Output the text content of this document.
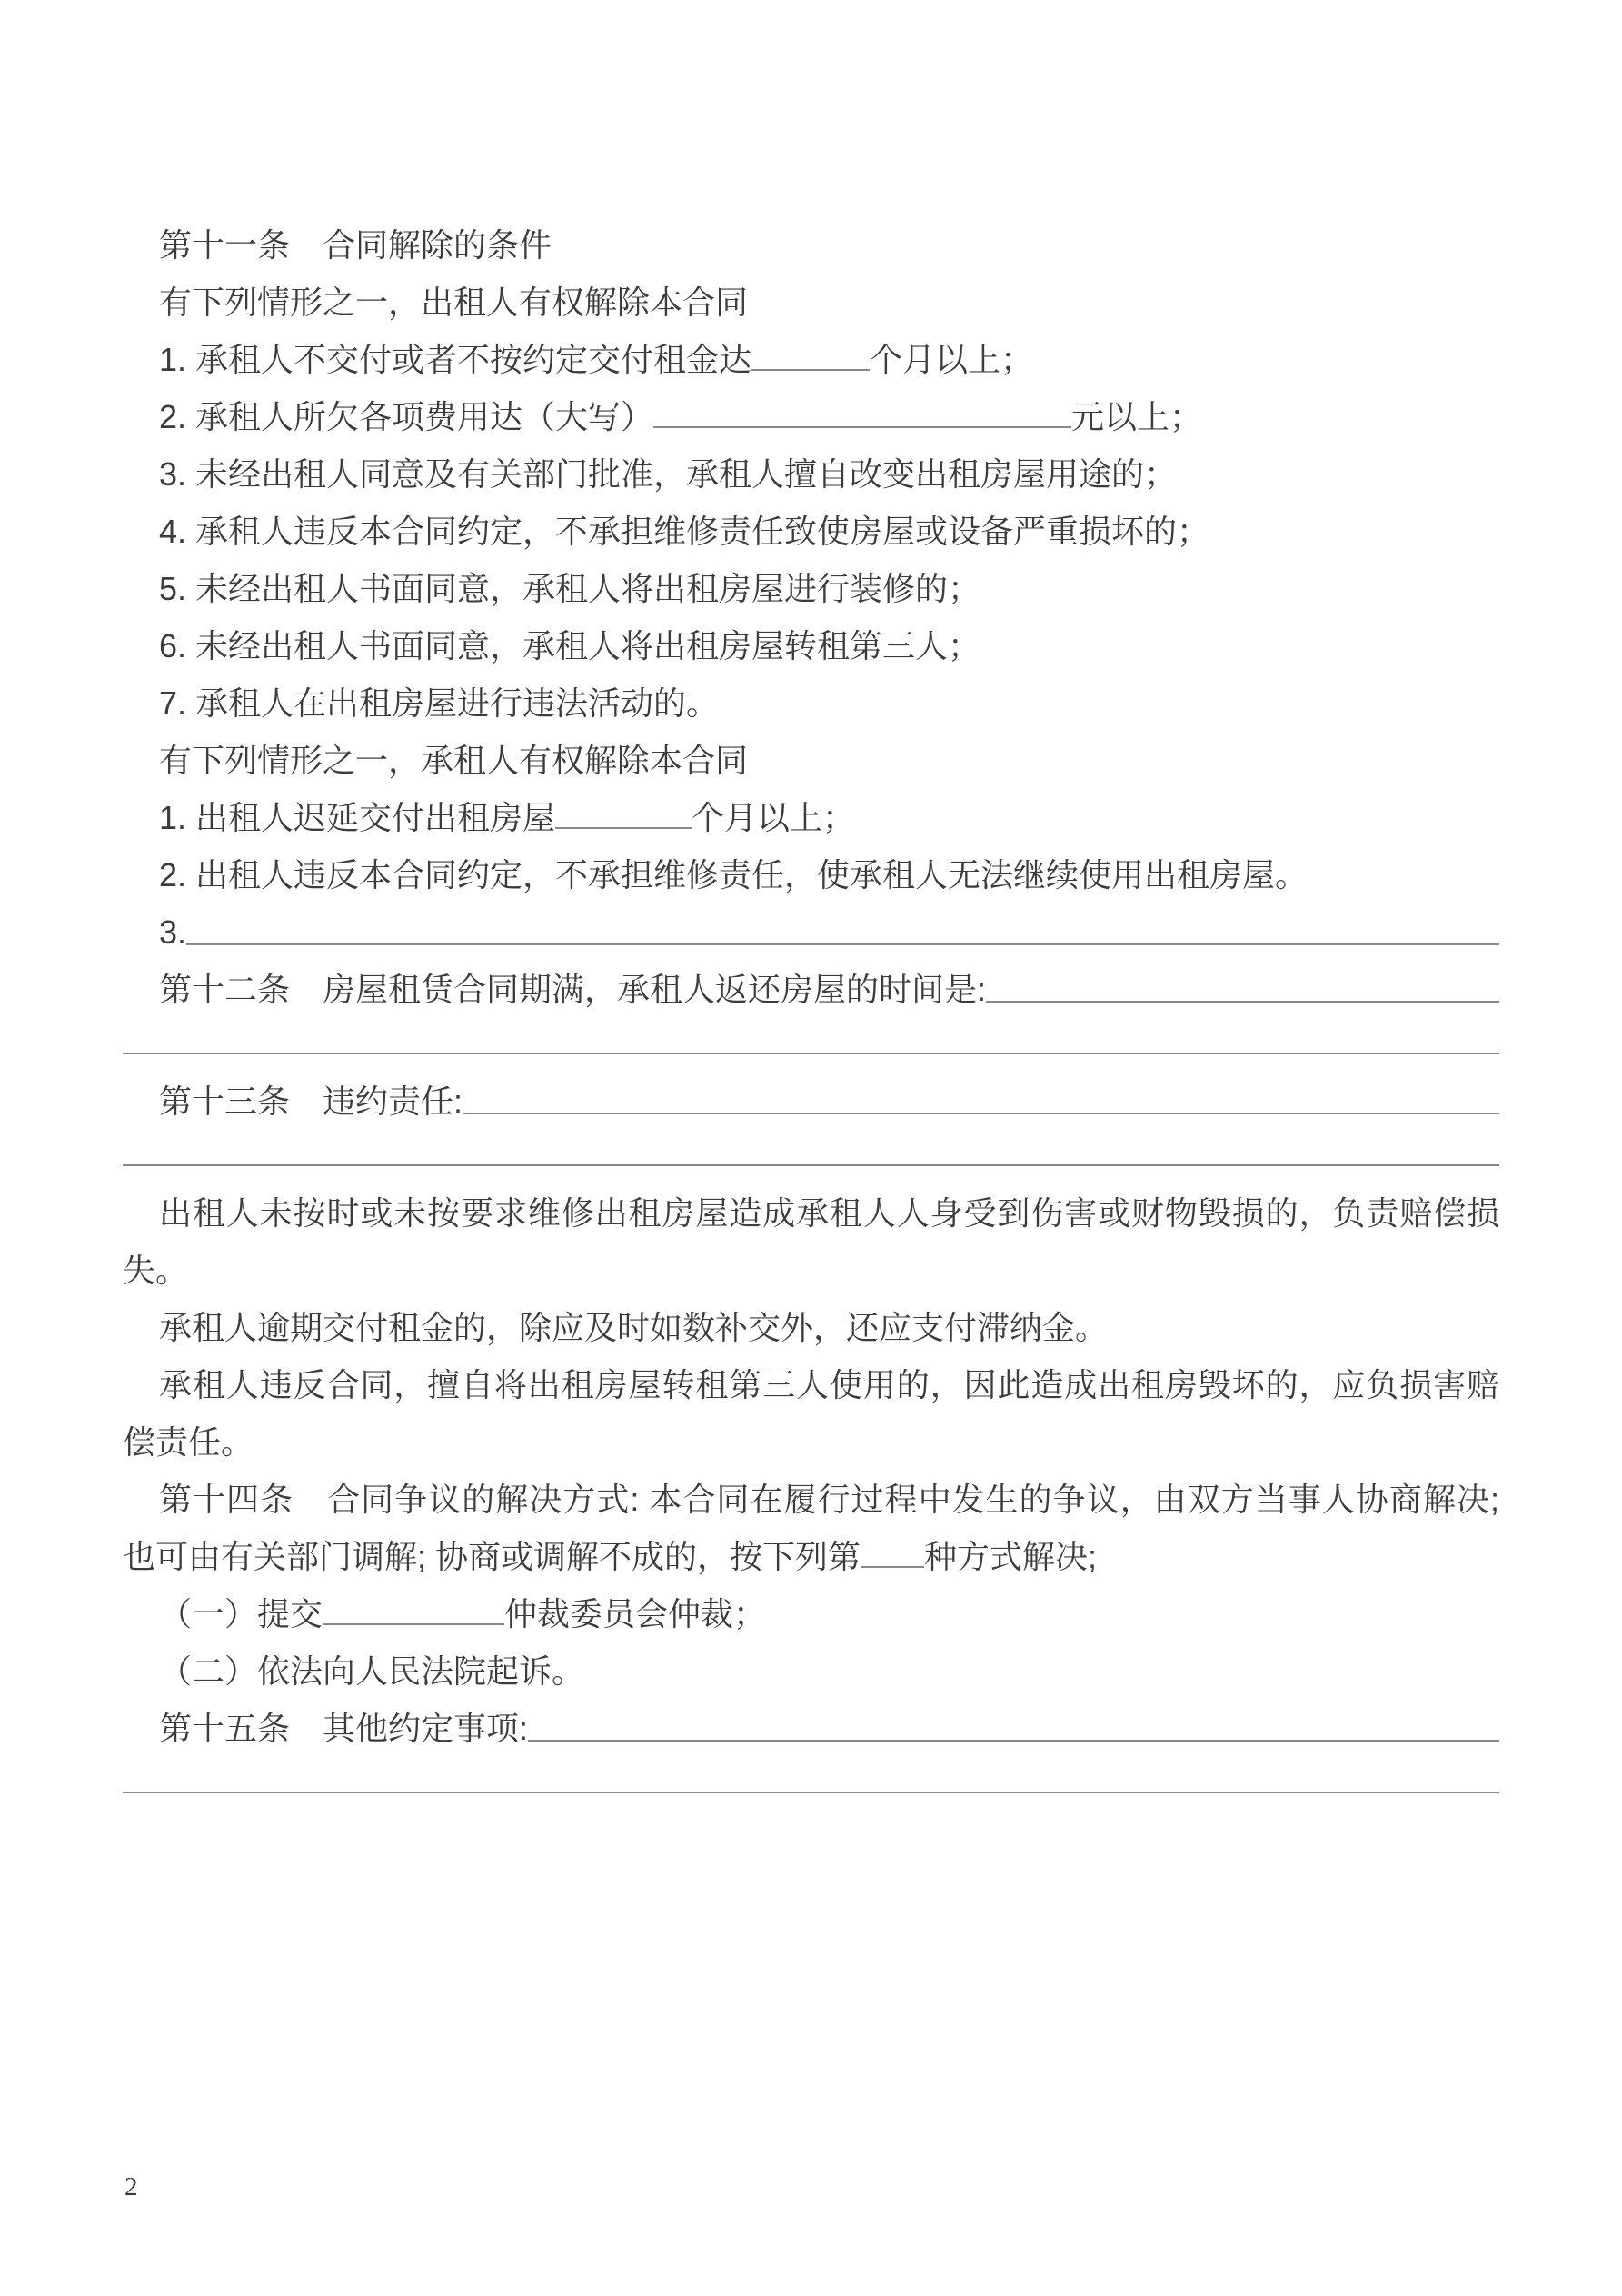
第十一条　合同解除的条件
有下列情形之一，出租人有权解除本合同
1. 承租人不交付或者不按约定交付租金达	个月以上；
2. 承租人所欠各项费用达（大写）	元以上；
3. 未经出租人同意及有关部门批准，承租人擅自改变出租房屋用途的；
4. 承租人违反本合同约定，不承担维修责任致使房屋或设备严重损坏的；
5. 未经出租人书面同意，承租人将出租房屋进行装修的；
6. 未经出租人书面同意，承租人将出租房屋转租第三人；
7. 承租人在出租房屋进行违法活动的。
有下列情形之一，承租人有权解除本合同
1. 出租人迟延交付出租房屋	个月以上；
2. 出租人违反本合同约定，不承担维修责任，使承租人无法继续使用出租房屋。
3.
第十二条　房屋租赁合同期满，承租人返还房屋的时间是:
第十三条　违约责任:
出租人未按时或未按要求维修出租房屋造成承租人人身受到伤害或财物毁损的，负责赔偿损失。
承租人逾期交付租金的，除应及时如数补交外，还应支付滞纳金。
承租人违反合同，擅自将出租房屋转租第三人使用的，因此造成出租房毁坏的，应负损害赔偿责任。
第十四条　合同争议的解决方式: 本合同在履行过程中发生的争议，由双方当事人协商解决; 也可由有关部门调解; 协商或调解不成的，按下列第 种方式解决;
（一）提交	仲裁委员会仲裁；
（二）依法向人民法院起诉。
第十五条　其他约定事项:
2
